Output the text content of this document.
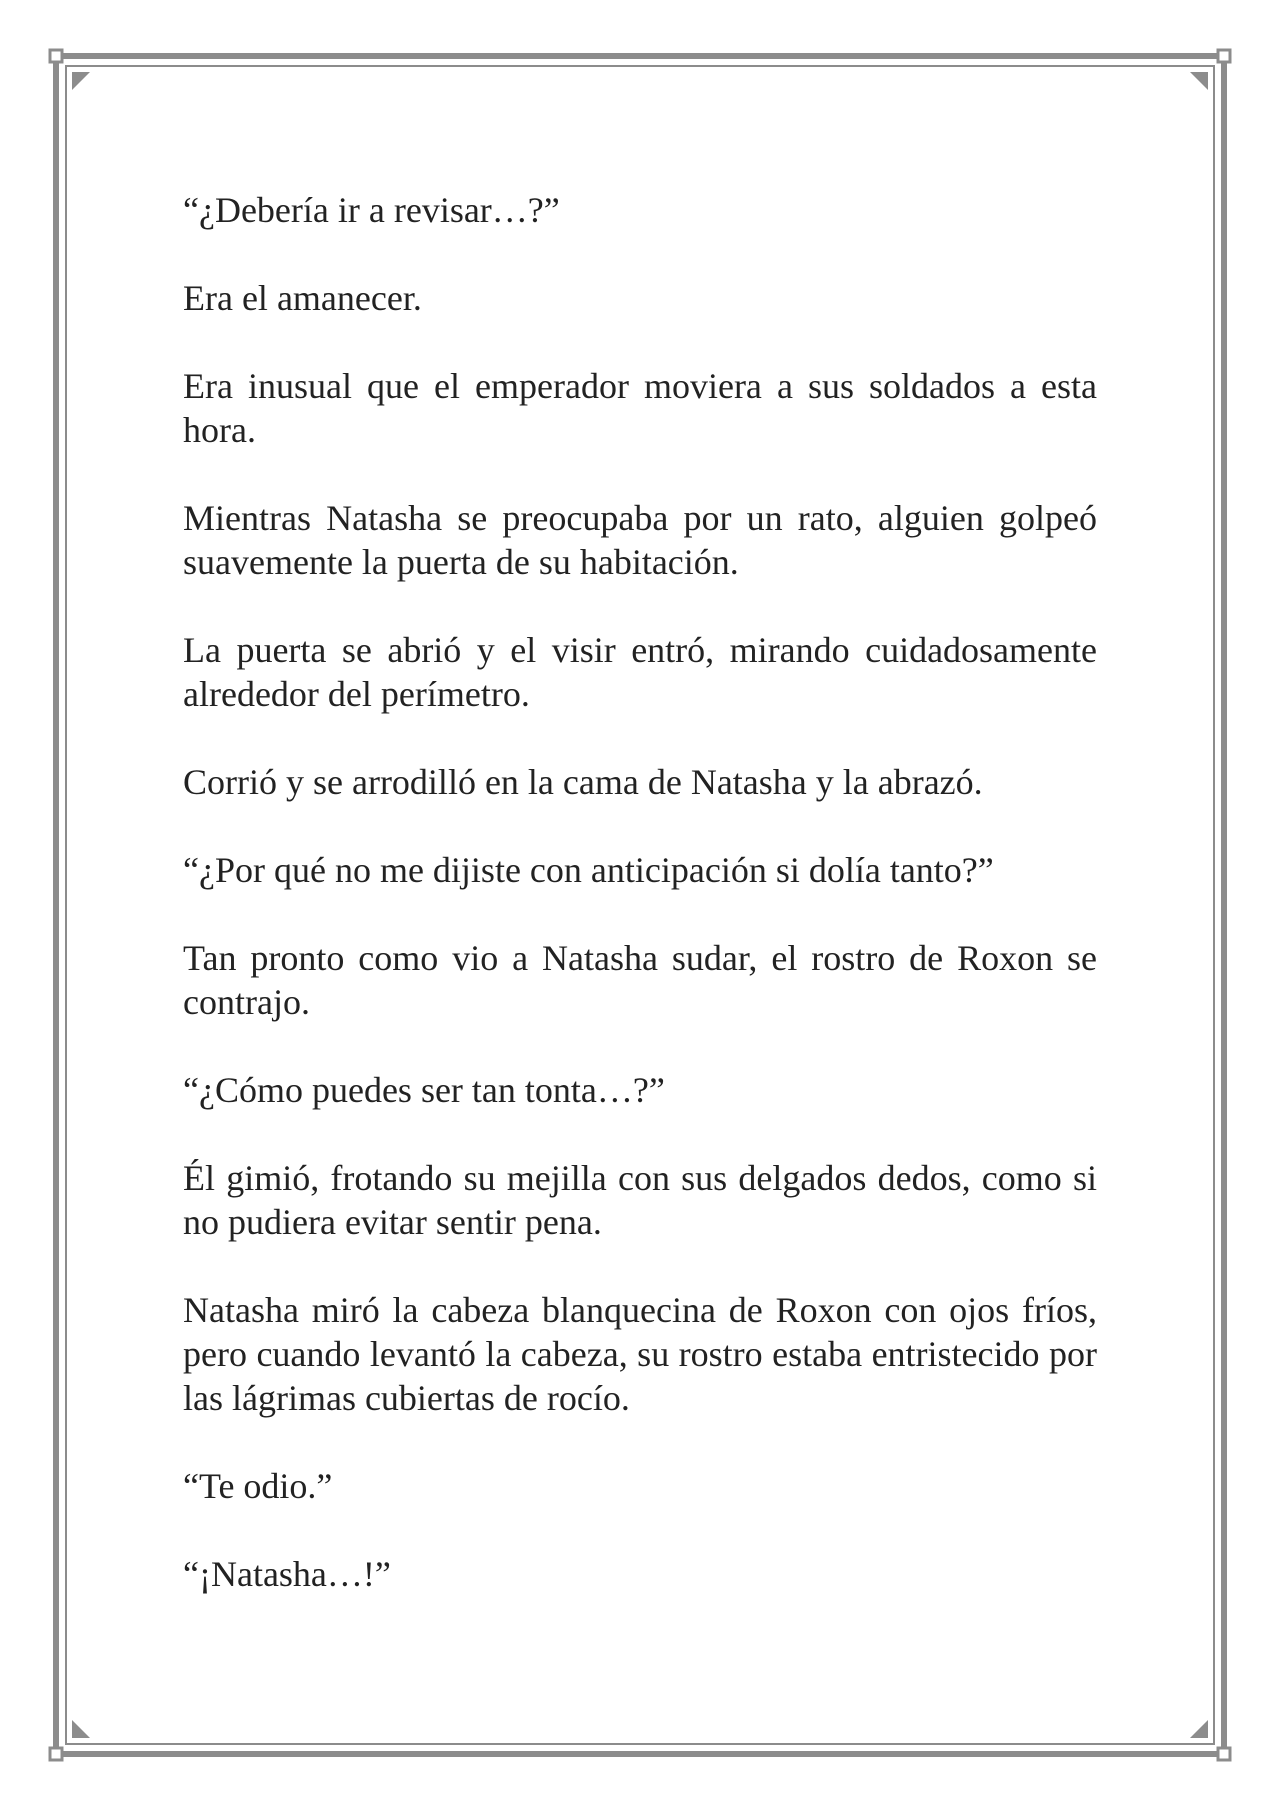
“¿Debería ir a revisar…?”

Era el amanecer.

Era inusual que el emperador moviera a sus soldados a esta hora.

Mientras Natasha se preocupaba por un rato, alguien golpeó suavemente la puerta de su habitación.

La puerta se abrió y el visir entró, mirando cuidadosamente alrededor del perímetro.

Corrió y se arrodilló en la cama de Natasha y la abrazó.

“¿Por qué no me dijiste con anticipación si dolía tanto?”

Tan pronto como vio a Natasha sudar, el rostro de Roxon se contrajo.

“¿Cómo puedes ser tan tonta…?”

Él gimió, frotando su mejilla con sus delgados dedos, como si no pudiera evitar sentir pena.

Natasha miró la cabeza blanquecina de Roxon con ojos fríos, pero cuando levantó la cabeza, su rostro estaba entristecido por las lágrimas cubiertas de rocío.

“Te odio.”

“¡Natasha…!”
